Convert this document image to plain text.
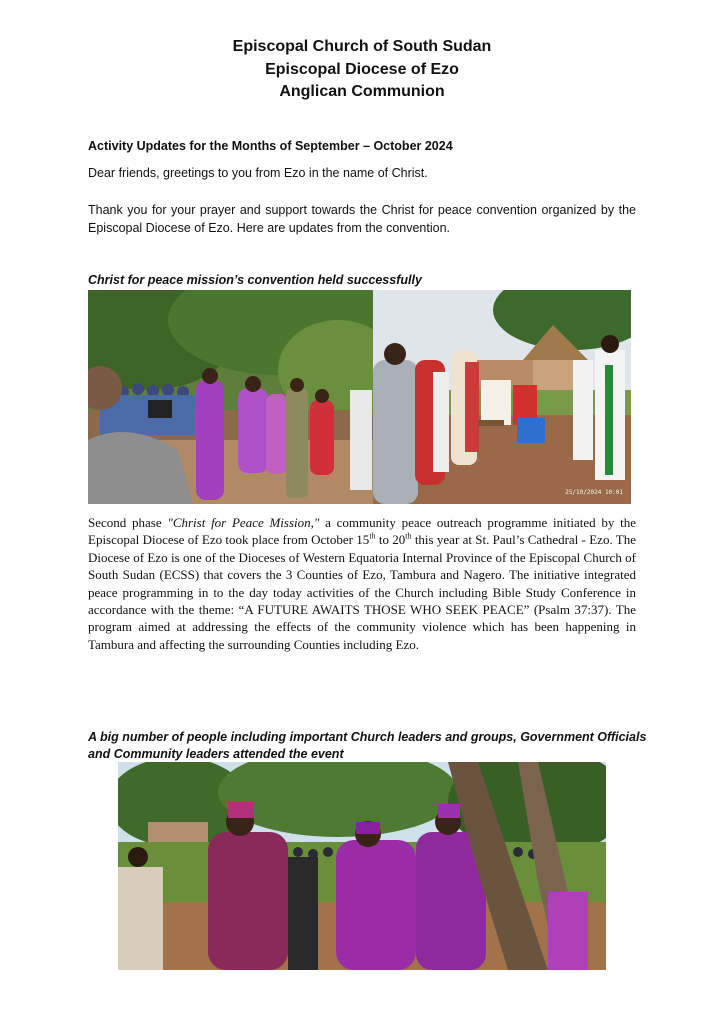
Episcopal Church of South Sudan
Episcopal Diocese of Ezo
Anglican Communion
Activity Updates for the Months of September – October 2024
Dear friends, greetings to you from Ezo in the name of Christ.
Thank you for your prayer and support towards the Christ for peace convention organized by the Episcopal Diocese of Ezo. Here are updates from the convention.
Christ for peace mission’s convention held successfully
25/10/2024 10:01
Second phase "Christ for Peace Mission," a community peace outreach programme initiated by the Episcopal Diocese of Ezo took place from October 15th to 20th this year at St. Paul’s Cathedral - Ezo. The Diocese of Ezo is one of the Dioceses of Western Equatoria Internal Province of the Episcopal Church of South Sudan (ECSS) that covers the 3 Counties of Ezo, Tambura and Nagero. The initiative integrated peace programming in to the day today activities of the Church including Bible Study Conference in accordance with the theme: “A FUTURE AWAITS THOSE WHO SEEK PEACE” (Psalm 37:37). The program aimed at addressing the effects of the community violence which has been happening in Tambura and affecting the surrounding Counties including Ezo.
A big number of people including important Church leaders and groups, Government Officials and Community leaders attended the event
